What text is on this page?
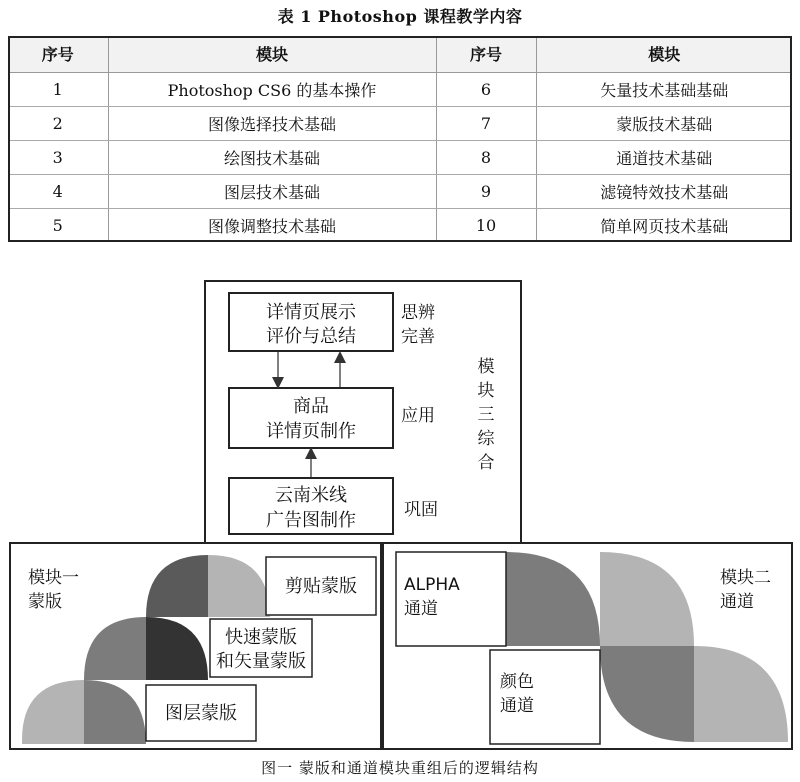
表 1 Photoshop 课程教学内容
序号	模块	序号	模块
1	Photoshop CS6 的基本操作	6	矢量技术基础基础
2	图像选择技术基础	7	蒙版技术基础
3	绘图技术基础	8	通道技术基础
4	图层技术基础	9	滤镜特效技术基础
5	图像调整技术基础	10	简单网页技术基础
详情页展示
评价与总结
商品
详情页制作
云南米线
广告图制作
思辨
完善
应用
巩固
模
块
三
综
合
模块一
蒙版
剪贴蒙版
快速蒙版
和矢量蒙版
图层蒙版
ALPHA
通道
颜色
通道
模块二
通道
图一 蒙版和通道模块重组后的逻辑结构
